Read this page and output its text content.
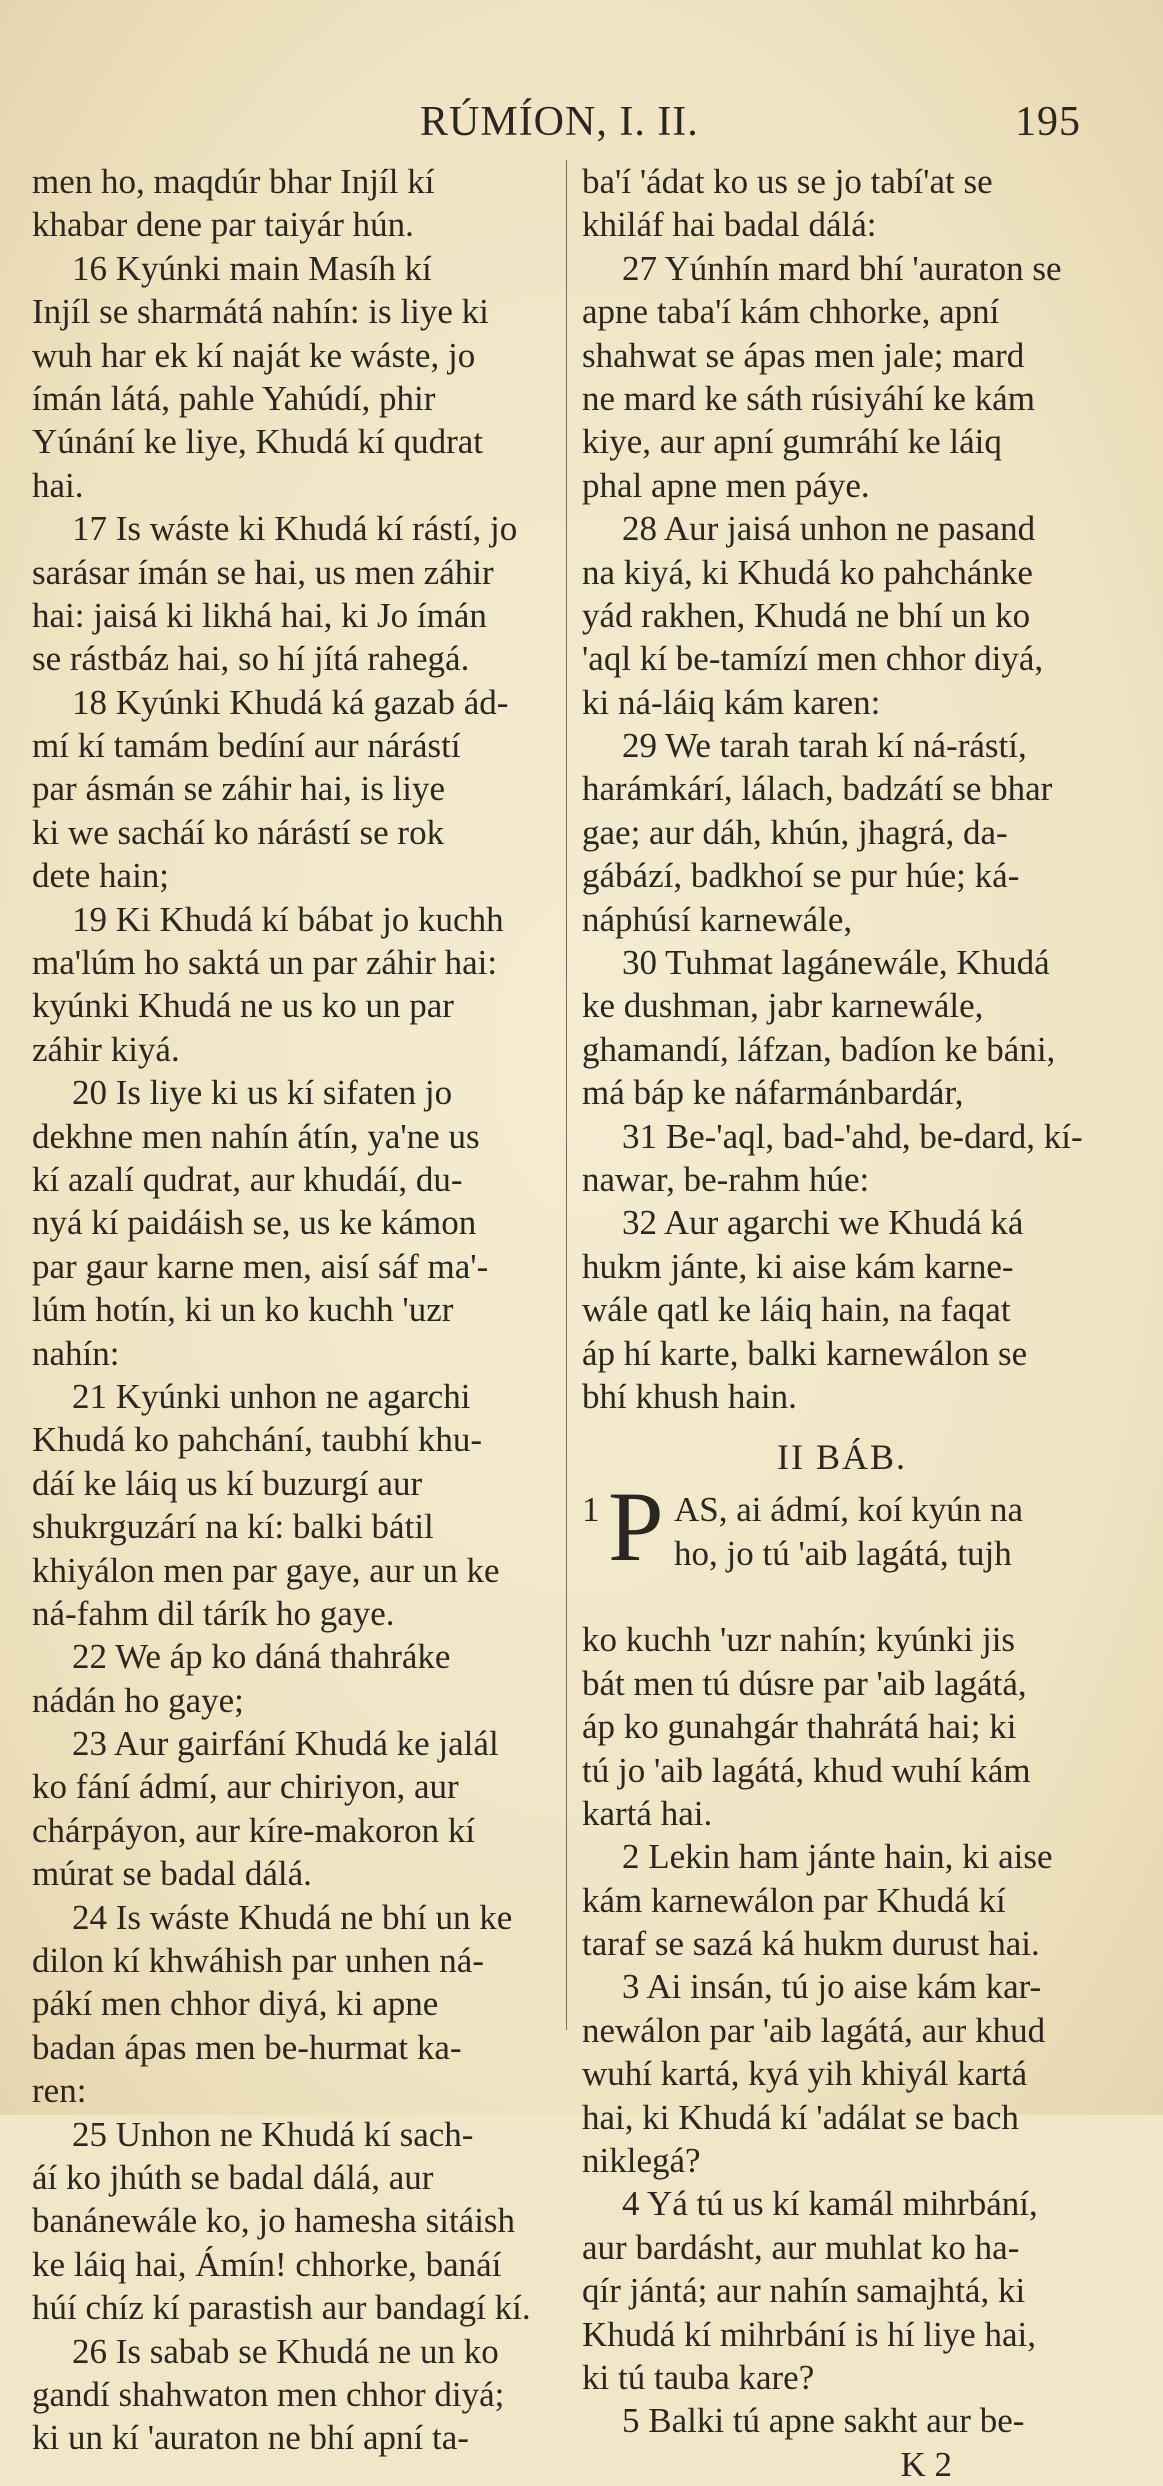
RÚMÍON, I. II.	195
men ho, maqdúr bhar Injíl kí
khabar dene par taiyár hún.
16 Kyúnki main Masíh kí
Injíl se sharmátá nahín: is liye ki
wuh har ek kí naját ke wáste, jo
ímán látá, pahle Yahúdí, phir
Yúnání ke liye, Khudá kí qudrat
hai.
17 Is wáste ki Khudá kí rástí, jo
sarásar ímán se hai, us men záhir
hai: jaisá ki likhá hai, ki Jo ímán
se rástbáz hai, so hí jítá rahegá.
18 Kyúnki Khudá ká gazab ád-
mí kí tamám bedíní aur nárástí
par ásmán se záhir hai, is liye
ki we sacháí ko nárástí se rok
dete hain;
19 Ki Khudá kí bábat jo kuchh
ma'lúm ho saktá un par záhir hai:
kyúnki Khudá ne us ko un par
záhir kiyá.
20 Is liye ki us kí sifaten jo
dekhne men nahín átín, ya'ne us
kí azalí qudrat, aur khudáí, du-
nyá kí paidáish se, us ke kámon
par gaur karne men, aisí sáf ma'-
lúm hotín, ki un ko kuchh 'uzr
nahín:
21 Kyúnki unhon ne agarchi
Khudá ko pahchání, taubhí khu-
dáí ke láiq us kí buzurgí aur
shukrguzárí na kí: balki bátil
khiyálon men par gaye, aur un ke
ná-fahm dil tárík ho gaye.
22 We áp ko dáná thahráke
nádán ho gaye;
23 Aur gairfání Khudá ke jalál
ko fání ádmí, aur chiriyon, aur
chárpáyon, aur kíre-makoron kí
múrat se badal dálá.
24 Is wáste Khudá ne bhí un ke
dilon kí khwáhish par unhen ná-
pákí men chhor diyá, ki apne
badan ápas men be-hurmat ka-
ren:
25 Unhon ne Khudá kí sach-
áí ko jhúth se badal dálá, aur
banánewále ko, jo hamesha sitáish
ke láiq hai, Ámín! chhorke, banáí
húí chíz kí parastish aur bandagí kí.
26 Is sabab se Khudá ne un ko
gandí shahwaton men chhor diyá;
ki un kí 'auraton ne bhí apní ta-
ba'í 'ádat ko us se jo tabí'at se
khiláf hai badal dálá:
27 Yúnhín mard bhí 'auraton se
apne taba'í kám chhorke, apní
shahwat se ápas men jale; mard
ne mard ke sáth rúsiyáhí ke kám
kiye, aur apní gumráhí ke láiq
phal apne men páye.
28 Aur jaisá unhon ne pasand
na kiyá, ki Khudá ko pahchánke
yád rakhen, Khudá ne bhí un ko
'aql kí be-tamízí men chhor diyá,
ki ná-láiq kám karen:
29 We tarah tarah kí ná-rástí,
harámkárí, lálach, badzátí se bhar
gae; aur dáh, khún, jhagrá, da-
gábází, badkhoí se pur húe; ká-
náphúsí karnewále,
30 Tuhmat lagánewále, Khudá
ke dushman, jabr karnewále,
ghamandí, láfzan, badíon ke báni,
má báp ke náfarmánbardár,
31 Be-'aql, bad-'ahd, be-dard, kí-
nawar, be-rahm húe:
32 Aur agarchi we Khudá ká
hukm jánte, ki aise kám karne-
wále qatl ke láiq hain, na faqat
áp hí karte, balki karnewálon se
bhí khush hain.
II BÁB.
1 P AS, ai ádmí, koí kyún na
ho, jo tú 'aib lagátá, tujh
ko kuchh 'uzr nahín; kyúnki jis
bát men tú dúsre par 'aib lagátá,
áp ko gunahgár thahrátá hai; ki
tú jo 'aib lagátá, khud wuhí kám
kartá hai.
2 Lekin ham jánte hain, ki aise
kám karnewálon par Khudá kí
taraf se sazá ká hukm durust hai.
3 Ai insán, tú jo aise kám kar-
newálon par 'aib lagátá, aur khud
wuhí kartá, kyá yih khiyál kartá
hai, ki Khudá kí 'adálat se bach
niklegá?
4 Yá tú us kí kamál mihrbání,
aur bardásht, aur muhlat ko ha-
qír jántá; aur nahín samajhtá, ki
Khudá kí mihrbání is hí liye hai,
ki tú tauba kare?
5 Balki tú apne sakht aur be-
K 2
